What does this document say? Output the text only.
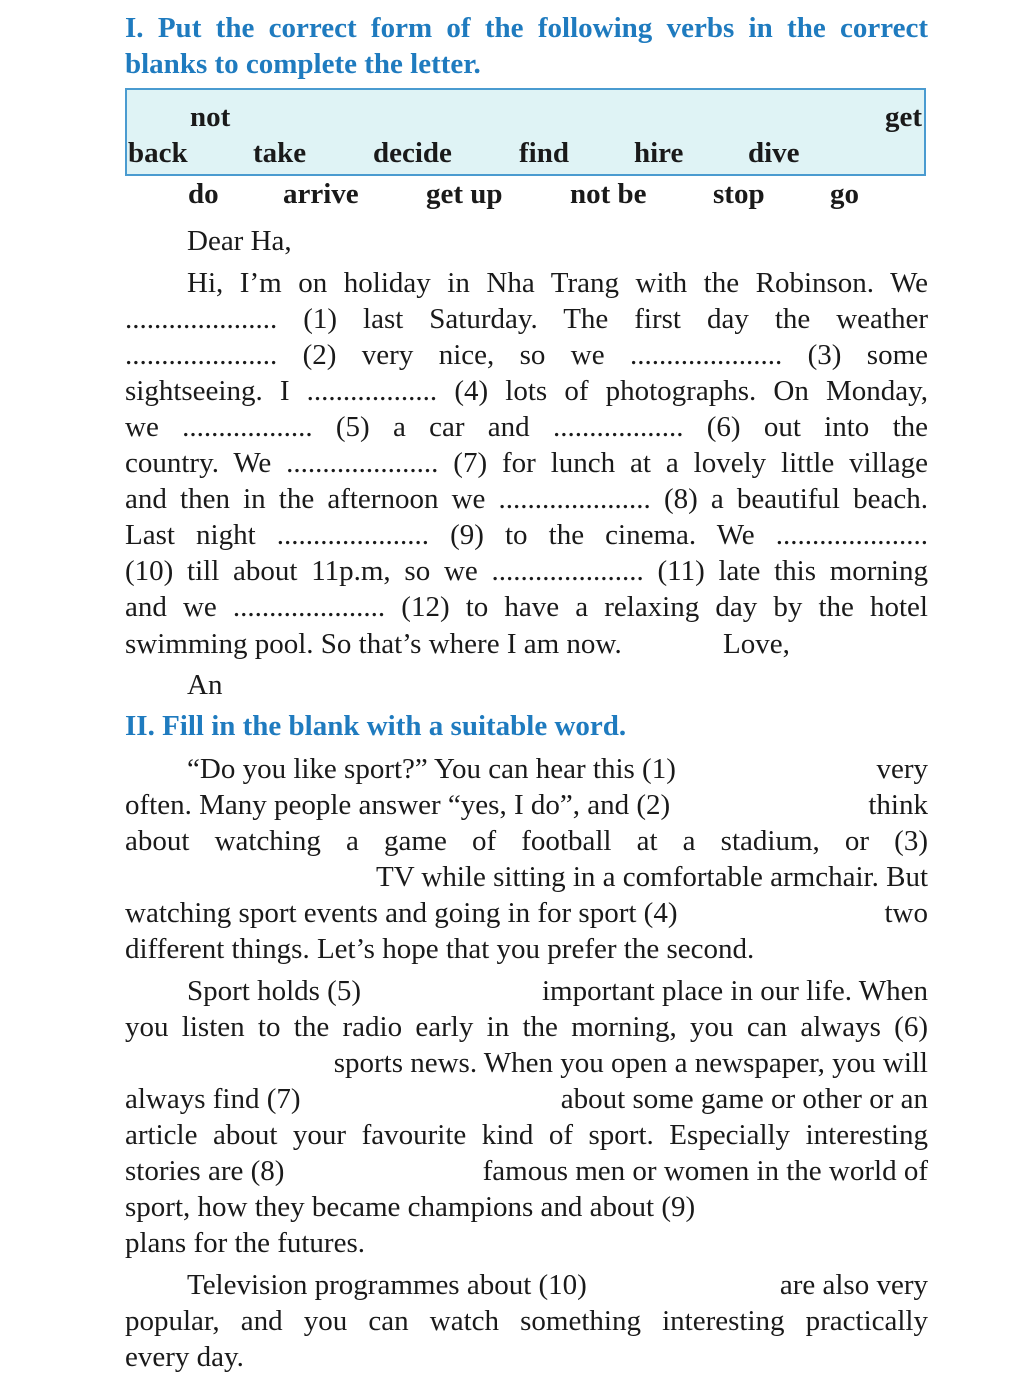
I. Put the correct form of the following verbs in the correct
blanks to complete the letter.
not	get
back take decide find hire dive
do arrive get up not be stop go
Dear Ha,
Hi, I’m on holiday in Nha Trang with the Robinson. We
..................... (1) last Saturday. The first day the weather
..................... (2) very nice, so we ..................... (3) some
sightseeing. I .................. (4) lots of photographs. On Monday,
we .................. (5) a car and .................. (6) out into the
country. We ..................... (7) for lunch at a lovely little village
and then in the afternoon we ..................... (8) a beautiful beach.
Last night ..................... (9) to the cinema. We .....................
(10) till about 11p.m, so we ..................... (11) late this morning
and we ..................... (12) to have a relaxing day by the hotel
swimming pool. So that’s where I am now.	Love,
An
II. Fill in the blank with a suitable word.
“Do you like sport?” You can hear this (1)	very
often. Many people answer “yes, I do”, and (2)	think
about watching a game of football at a stadium, or (3)
TV while sitting in a comfortable armchair. But
watching sport events and going in for sport (4)	two
different things. Let’s hope that you prefer the second.
Sport holds (5)	important place in our life. When
you listen to the radio early in the morning, you can always (6)
sports news. When you open a newspaper, you will
always find (7)	about some game or other or an
article about your favourite kind of sport. Especially interesting
stories are (8)	famous men or women in the world of
sport, how they became champions and about (9)
plans for the futures.
Television programmes about (10)	are also very
popular, and you can watch something interesting practically
every day.
